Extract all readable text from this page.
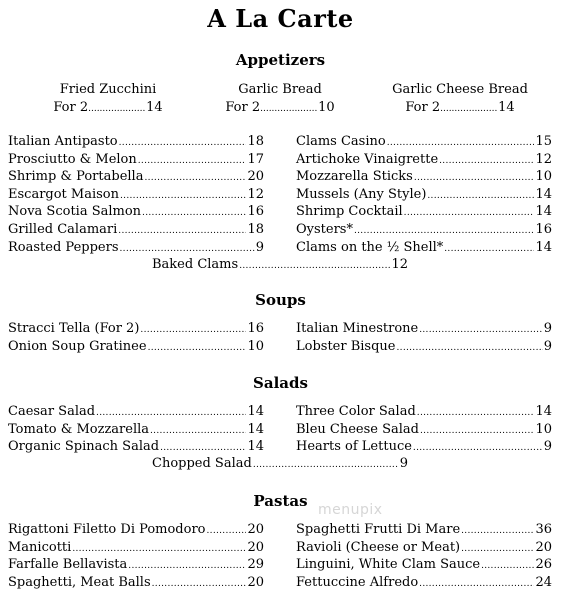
A La Carte
Appetizers
Fried Zucchini
For 2 .....	14
Garlic Bread
For 2 .....	10
Garlic Cheese Bread
For 2 .....	14
Baked Clams .....	12
Soups
Salads
Chopped Salad .....	9
Pastas menupix
Italian Antipasto .....	18
Prosciutto & Melon .....	17
Shrimp & Portabella .....	20
Escargot Maison .....	12
Nova Scotia Salmon .....	16
Grilled Calamari .....	18
Roasted Peppers .....	9
Clams Casino .....	15
Artichoke Vinaigrette .....	12
Mozzarella Sticks .....	10
Mussels (Any Style) .....	14
Shrimp Cocktail .....	14
Oysters* .....	16
Clams on the ½ Shell* .....	14
Stracci Tella (For 2) .....	16
Onion Soup Gratinee .....	10
Italian Minestrone .....	9
Lobster Bisque .....	9
Caesar Salad .....	14
Tomato & Mozzarella .....	14
Organic Spinach Salad .....	14
Three Color Salad .....	14
Bleu Cheese Salad .....	10
Hearts of Lettuce .....	9
Rigattoni Filetto Di Pomodoro .....	20
Manicotti .....	20
Farfalle Bellavista .....	29
Spaghetti, Meat Balls .....	20
Spaghetti Frutti Di Mare .....	36
Ravioli (Cheese or Meat) .....	20
Linguini, White Clam Sauce .....	26
Fettuccine Alfredo .....	24
